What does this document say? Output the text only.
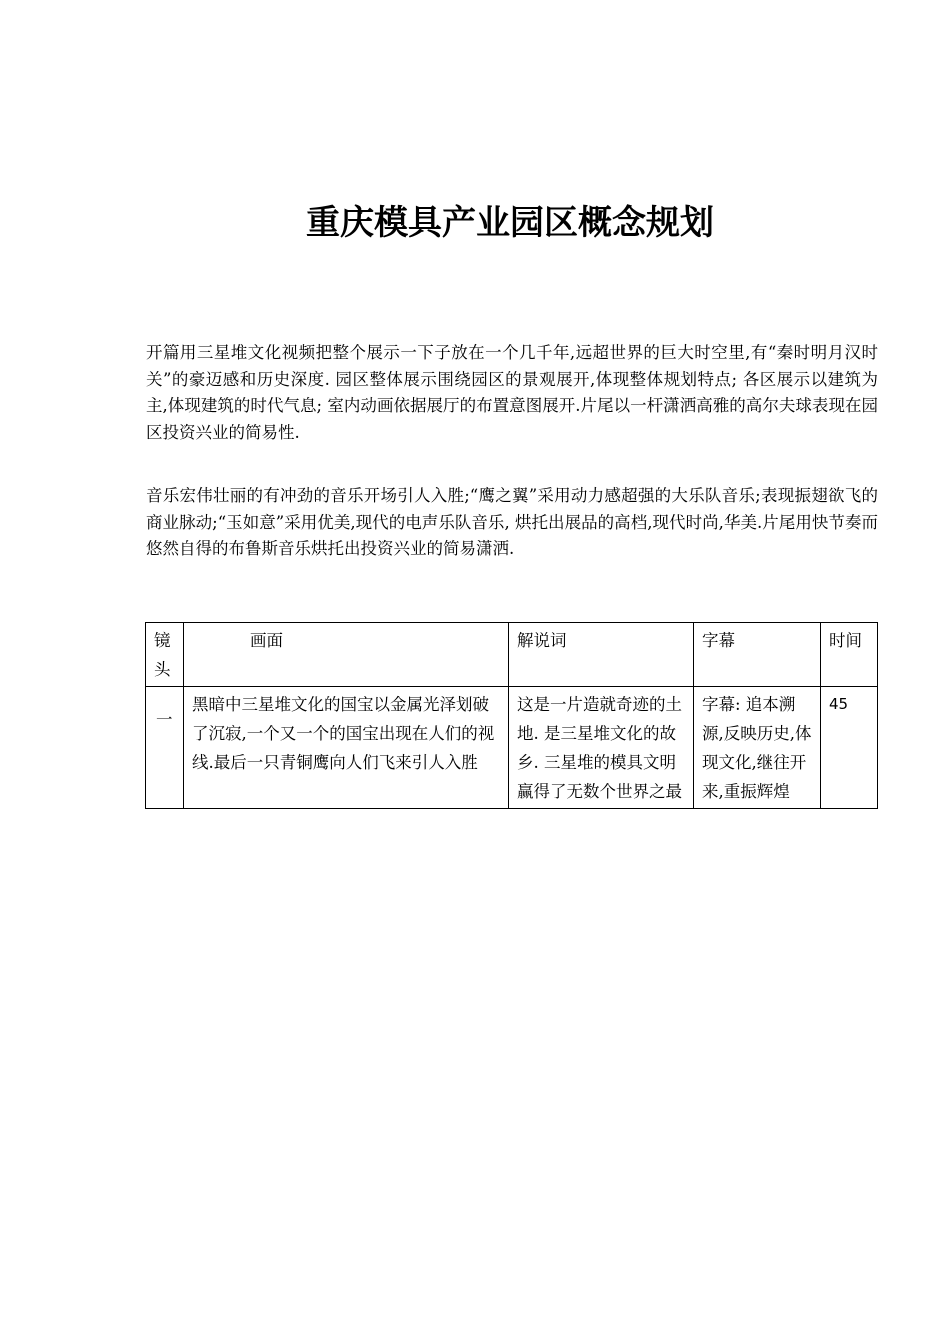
重庆模具产业园区概念规划
开篇用三星堆文化视频把整个展示一下子放在一个几千年,远超世界的巨大时空里,有“秦时明月汉时关”的豪迈感和历史深度. 园区整体展示围绕园区的景观展开,体现整体规划特点; 各区展示以建筑为主,体现建筑的时代气息; 室内动画依据展厅的布置意图展开.片尾以一杆潇洒高雅的高尔夫球表现在园区投资兴业的简易性.
音乐宏伟壮丽的有冲劲的音乐开场引人入胜;“鹰之翼”采用动力感超强的大乐队音乐;表现振翅欲飞的商业脉动;“玉如意”采用优美,现代的电声乐队音乐, 烘托出展品的高档,现代时尚,华美.片尾用快节奏而悠然自得的布鲁斯音乐烘托出投资兴业的简易潇洒.
镜头	画面	解说词	字幕	时间
一	黑暗中三星堆文化的国宝以金属光泽划破了沉寂,一个又一个的国宝出现在人们的视线.最后一只青铜鹰向人们飞来引人入胜	这是一片造就奇迹的土地. 是三星堆文化的故乡. 三星堆的模具文明 赢得了无数个世界之最	字幕: 追本溯源,反映历史,体现文化,继往开来,重振辉煌	45
